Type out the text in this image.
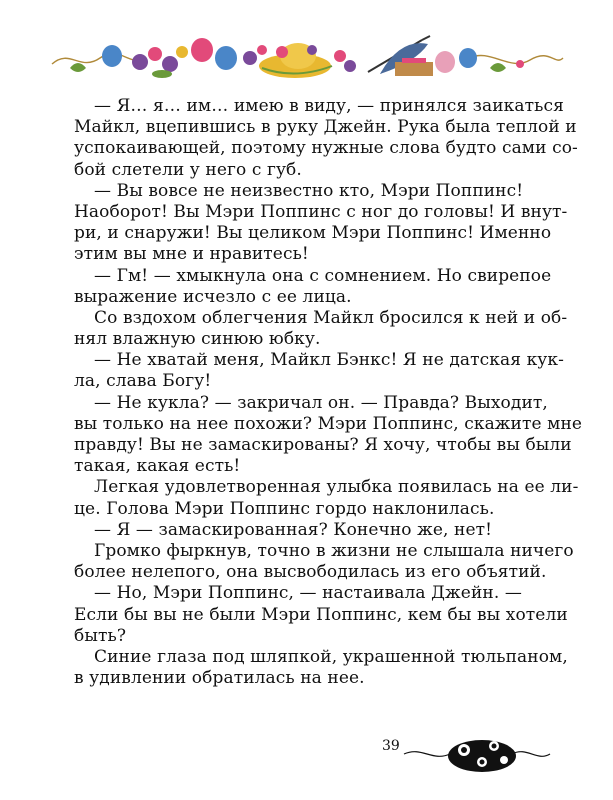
— Я… я… им… имею в виду, — принялся заикаться
Майкл, вцепившись в руку Джейн. Рука была теплой и
успокаивающей, поэтому нужные слова будто сами со-
бой слетели у него с губ.
— Вы вовсе не неизвестно кто, Мэри Поппинс!
Наоборот! Вы Мэри Поппинс с ног до головы! И внут-
ри, и снаружи! Вы целиком Мэри Поппинс! Именно
этим вы мне и нравитесь!
— Гм! — хмыкнула она с сомнением. Но свирепое
выражение исчезло с ее лица.
Со вздохом облегчения Майкл бросился к ней и об-
нял влажную синюю юбку.
— Не хватай меня, Майкл Бэнкс! Я не датская кук-
ла, слава Богу!
— Не кукла? — закричал он. — Правда? Выходит,
вы только на нее похожи? Мэри Поппинс, скажите мне
правду! Вы не замаскированы? Я хочу, чтобы вы были
такая, какая есть!
Легкая удовлетворенная улыбка появилась на ее ли-
це. Голова Мэри Поппинс гордо наклонилась.
— Я — замаскированная? Конечно же, нет!
Громко фыркнув, точно в жизни не слышала ничего
более нелепого, она высвободилась из его объятий.
— Но, Мэри Поппинс, — настаивала Джейн. —
Если бы вы не были Мэри Поппинс, кем бы вы хотели
быть?
Синие глаза под шляпкой, украшенной тюльпаном,
в удивлении обратилась на нее.
39
